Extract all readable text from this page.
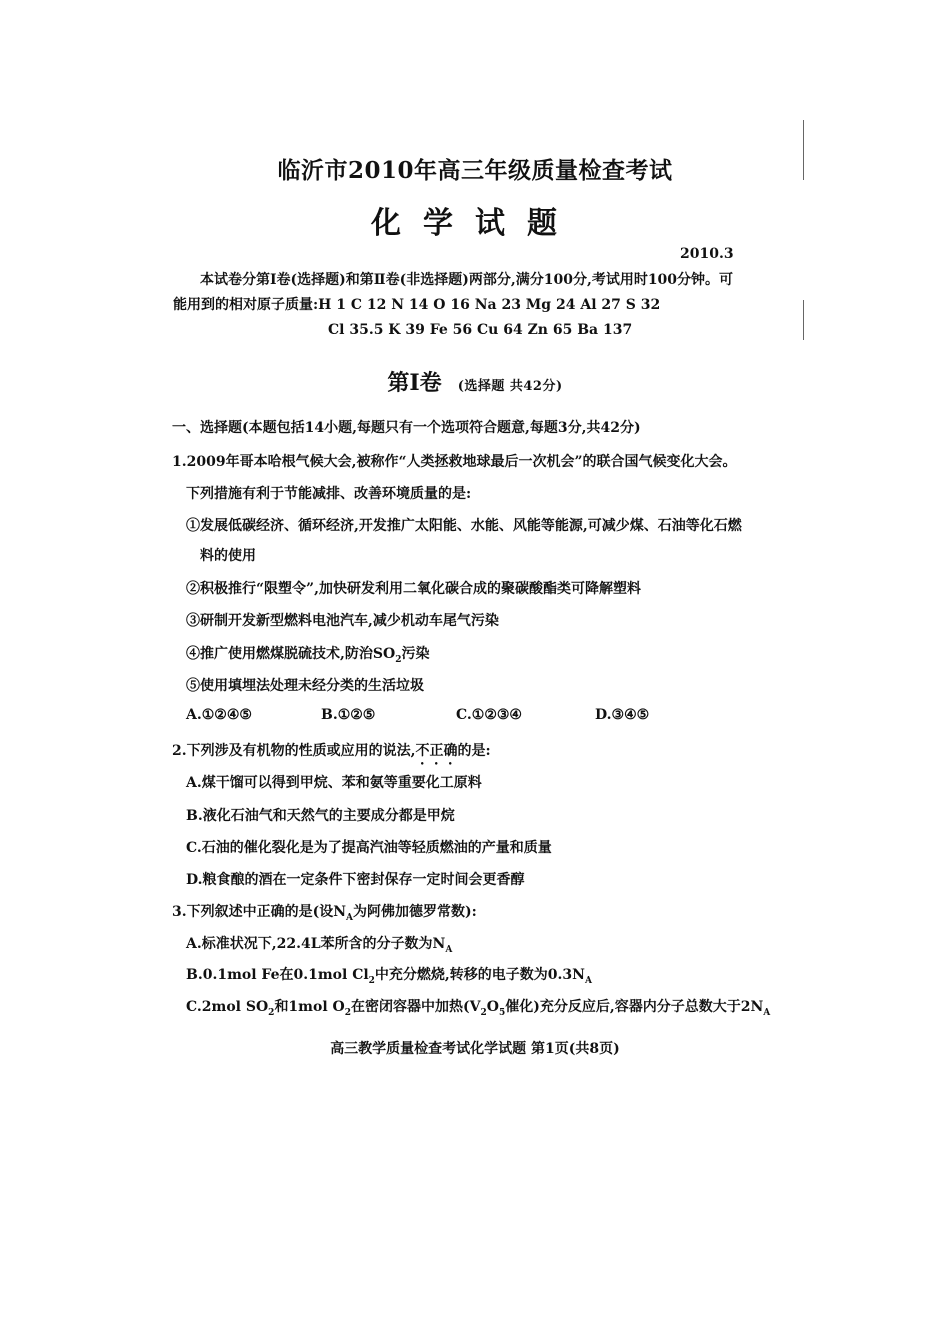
临沂市2010年高三年级质量检查考试
化学试题
2010.3
本试卷分第Ⅰ卷(选择题)和第Ⅱ卷(非选择题)两部分,满分100分,考试用时100分钟。可
能用到的相对原子质量:H 1 C 12 N 14 O 16 Na 23 Mg 24 Al 27 S 32
Cl 35.5 K 39 Fe 56 Cu 64 Zn 65 Ba 137
第Ⅰ卷 (选择题 共42分)
一、选择题(本题包括14小题,每题只有一个选项符合题意,每题3分,共42分)
1.2009年哥本哈根气候大会,被称作“人类拯救地球最后一次机会”的联合国气候变化大会。
下列措施有利于节能减排、改善环境质量的是:
①发展低碳经济、循环经济,开发推广太阳能、水能、风能等能源,可减少煤、石油等化石燃
料的使用
②积极推行“限塑令”,加快研发利用二氧化碳合成的聚碳酸酯类可降解塑料
③研制开发新型燃料电池汽车,减少机动车尾气污染
④推广使用燃煤脱硫技术,防治$SO_2$污染
⑤使用填埋法处理未经分类的生活垃圾
A.①②④⑤	B.①②⑤	C.①②③④	D.③④⑤
2.下列涉及有机物的性质或应用的说法,不正确的是:
A.煤干馏可以得到甲烷、苯和氨等重要化工原料
B.液化石油气和天然气的主要成分都是甲烷
C.石油的催化裂化是为了提高汽油等轻质燃油的产量和质量
D.粮食酿的酒在一定条件下密封保存一定时间会更香醇
3.下列叙述中正确的是(设$N_A$为阿佛加德罗常数):
A.标准状况下,22.4L苯所含的分子数为$N_A$
B.0.1mol Fe在0.1mol $Cl_2$中充分燃烧,转移的电子数为$0.3N_A$
C.2mol $SO_2$和1mol $O_2$在密闭容器中加热($V_2O_5$催化)充分反应后,容器内分子总数大于$2N_A$
高三教学质量检查考试化学试题 第1页(共8页)
